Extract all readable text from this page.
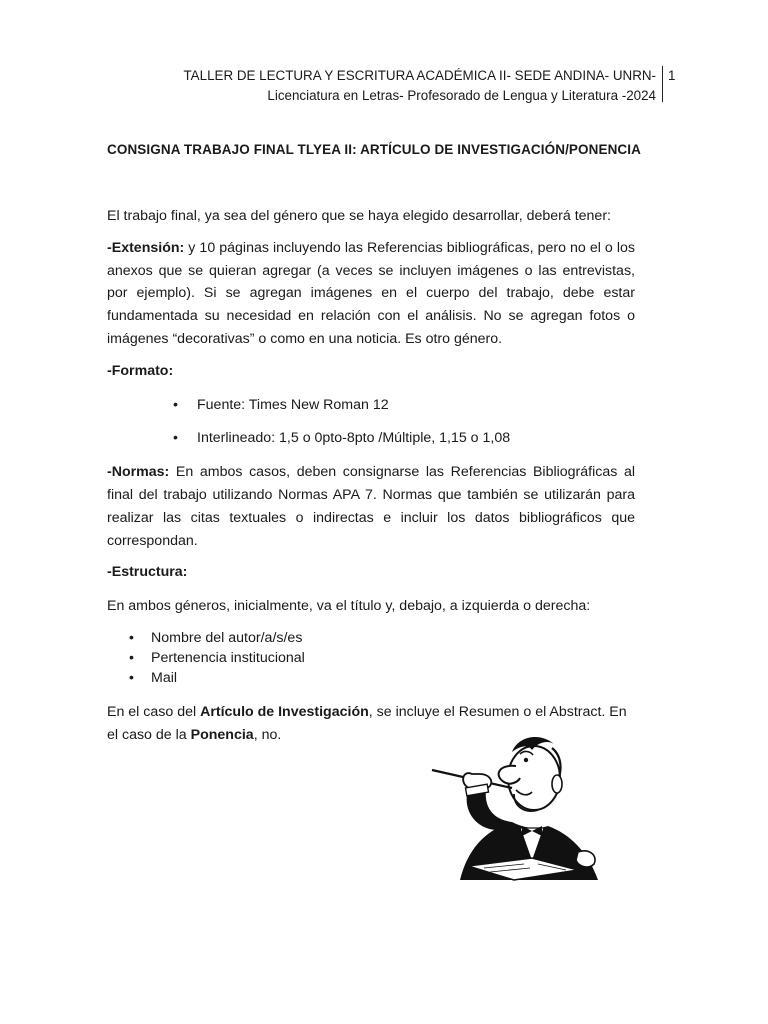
TALLER DE LECTURA Y ESCRITURA ACADÉMICA II- SEDE ANDINA- UNRN-
Licenciatura en Letras- Profesorado de Lengua y Literatura -2024
1
CONSIGNA TRABAJO FINAL TLYEA II: ARTÍCULO DE INVESTIGACIÓN/PONENCIA

El trabajo final, ya sea del género que se haya elegido desarrollar, deberá tener:

-Extensión: y 10 páginas incluyendo las Referencias bibliográficas, pero no el o los anexos que se quieran agregar (a veces se incluyen imágenes o las entrevistas, por ejemplo). Si se agregan imágenes en el cuerpo del trabajo, debe estar fundamentada su necesidad en relación con el análisis. No se agregan fotos o imágenes “decorativas” o como en una noticia. Es otro género.

-Formato:

• Fuente: Times New Roman 12
• Interlineado: 1,5 o 0pto-8pto /Múltiple, 1,15 o 1,08

-Normas: En ambos casos, deben consignarse las Referencias Bibliográficas al final del trabajo utilizando Normas APA 7. Normas que también se utilizarán para realizar las citas textuales o indirectas e incluir los datos bibliográficos que correspondan.

-Estructura:

En ambos géneros, inicialmente, va el título y, debajo, a izquierda o derecha:

• Nombre del autor/a/s/es
• Pertenencia institucional
• Mail

En el caso del Artículo de Investigación, se incluye el Resumen o el Abstract. En el caso de la Ponencia, no.
